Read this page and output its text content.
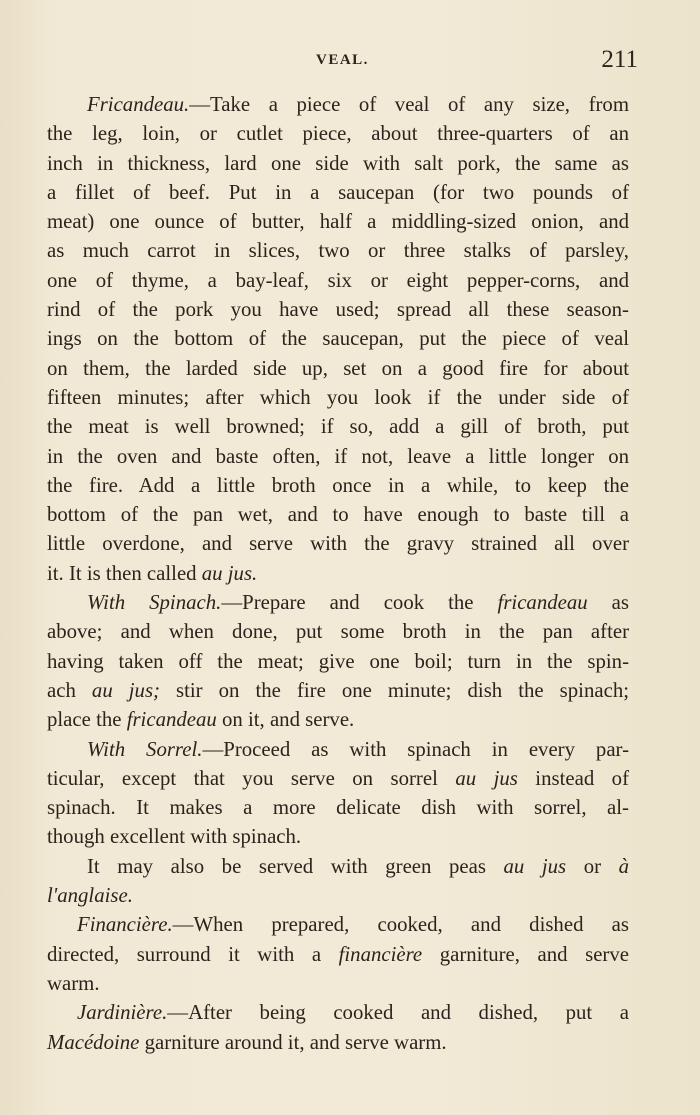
VEAL.	211
Fricandeau.—Take a piece of veal of any size, from
the leg, loin, or cutlet piece, about three-quarters of an
inch in thickness, lard one side with salt pork, the same as
a fillet of beef. Put in a saucepan (for two pounds of
meat) one ounce of butter, half a middling-sized onion, and
as much carrot in slices, two or three stalks of parsley,
one of thyme, a bay-leaf, six or eight pepper-corns, and
rind of the pork you have used; spread all these season-
ings on the bottom of the saucepan, put the piece of veal
on them, the larded side up, set on a good fire for about
fifteen minutes; after which you look if the under side of
the meat is well browned; if so, add a gill of broth, put
in the oven and baste often, if not, leave a little longer on
the fire. Add a little broth once in a while, to keep the
bottom of the pan wet, and to have enough to baste till a
little overdone, and serve with the gravy strained all over
it. It is then called au jus.
With Spinach.—Prepare and cook the fricandeau as
above; and when done, put some broth in the pan after
having taken off the meat; give one boil; turn in the spin-
ach au jus; stir on the fire one minute; dish the spinach;
place the fricandeau on it, and serve.
With Sorrel.—Proceed as with spinach in every par-
ticular, except that you serve on sorrel au jus instead of
spinach. It makes a more delicate dish with sorrel, al-
though excellent with spinach.
It may also be served with green peas au jus or à
l'anglaise.
Financière.—When prepared, cooked, and dished as
directed, surround it with a financière garniture, and serve
warm.
Jardinière.—After being cooked and dished, put a
Macédoine garniture around it, and serve warm.
